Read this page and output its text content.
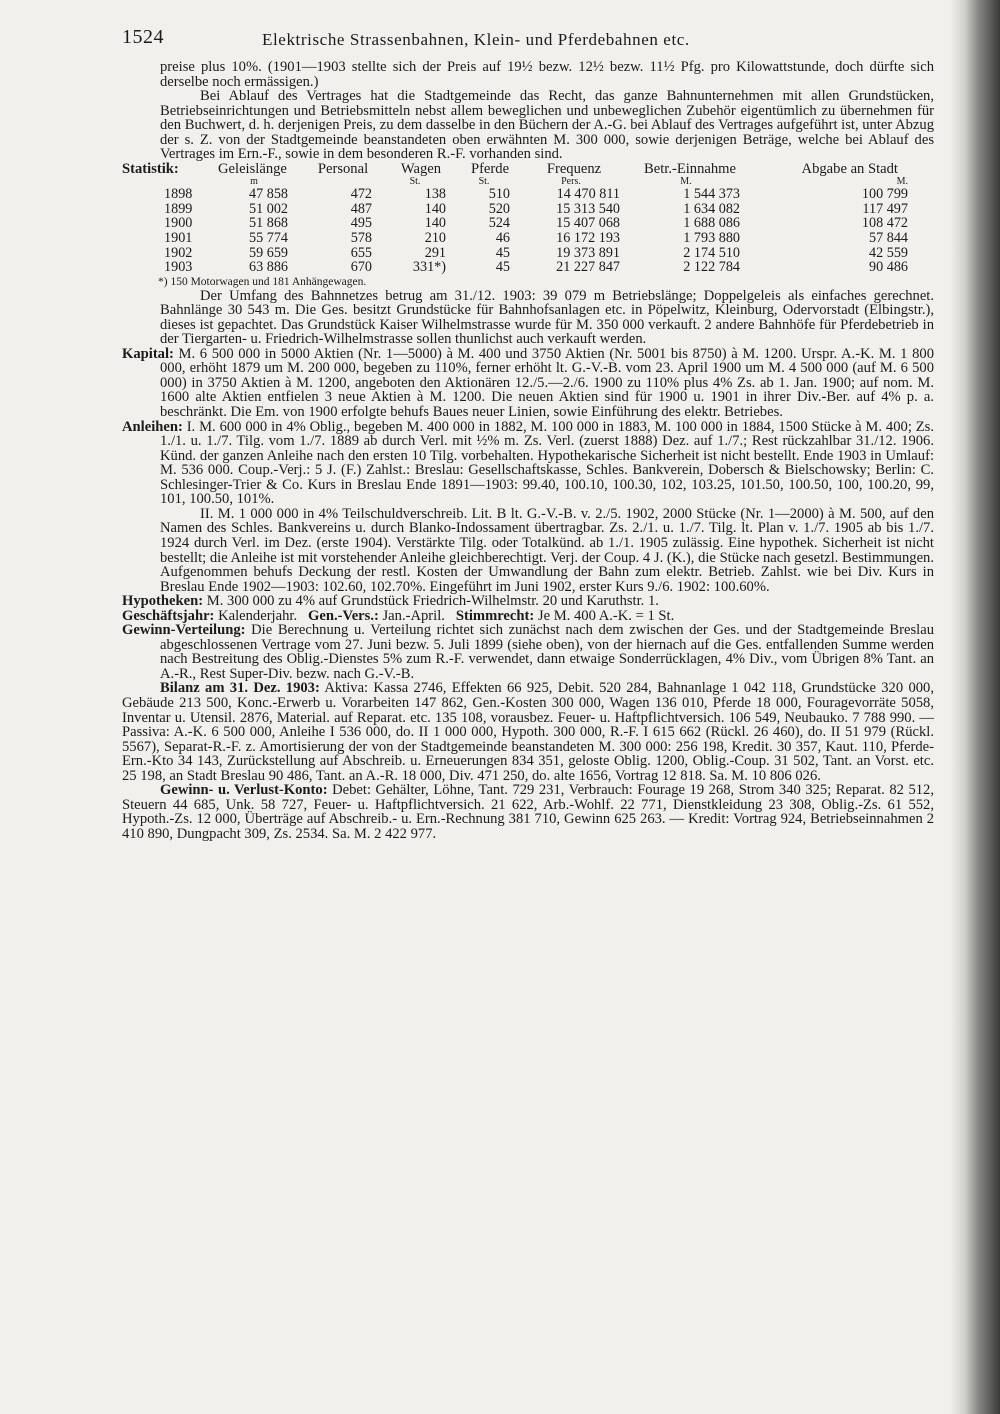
1524	Elektrische Strassenbahnen, Klein- und Pferdebahnen etc.

preise plus 10%. (1901—1903 stellte sich der Preis auf 19½ bezw. 12½ bezw. 11½ Pfg. pro Kilowattstunde, doch dürfte sich derselbe noch ermässigen.)

Bei Ablauf des Vertrages hat die Stadtgemeinde das Recht, das ganze Bahnunternehmen mit allen Grundstücken, Betriebseinrichtungen und Betriebsmitteln nebst allem beweglichen und unbeweglichen Zubehör eigentümlich zu übernehmen für den Buchwert, d. h. derjenigen Preis, zu dem dasselbe in den Büchern der A.-G. bei Ablauf des Vertrages aufgeführt ist, unter Abzug der s. Z. von der Stadtgemeinde beanstandeten oben erwähnten M. 300 000, sowie derjenigen Beträge, welche bei Ablauf des Vertrages im Ern.-F., sowie in dem besonderen R.-F. vorhanden sind.

Statistik:	Geleislänge	Personal	Wagen	Pferde	Frequenz	Betr.-Einnahme	Abgabe an Stadt
	m		St.	St.	Pers.	M.	M.
1898	47 858	472	138	510	14 470 811	1 544 373	100 799
1899	51 002	487	140	520	15 313 540	1 634 082	117 497
1900	51 868	495	140	524	15 407 068	1 688 086	108 472
1901	55 774	578	210	46	16 172 193	1 793 880	57 844
1902	59 659	655	291	45	19 373 891	2 174 510	42 559
1903	63 886	670	331*)	45	21 227 847	2 122 784	90 486
*) 150 Motorwagen und 181 Anhängewagen.

Der Umfang des Bahnnetzes betrug am 31./12. 1903: 39 079 m Betriebslänge; Doppelgeleis als einfaches gerechnet. Bahnlänge 30 543 m. Die Ges. besitzt Grundstücke für Bahnhofsanlagen etc. in Pöpelwitz, Kleinburg, Odervorstadt (Elbingstr.), dieses ist gepachtet. Das Grundstück Kaiser Wilhelmstrasse wurde für M. 350 000 verkauft. 2 andere Bahnhöfe für Pferdebetrieb in der Tiergarten- u. Friedrich-Wilhelmstrasse sollen thunlichst auch verkauft werden.

Kapital: M. 6 500 000 in 5000 Aktien (Nr. 1—5000) à M. 400 und 3750 Aktien (Nr. 5001 bis 8750) à M. 1200. Urspr. A.-K. M. 1 800 000, erhöht 1879 um M. 200 000, begeben zu 110%, ferner erhöht lt. G.-V.-B. vom 23. April 1900 um M. 4 500 000 (auf M. 6 500 000) in 3750 Aktien à M. 1200, angeboten den Aktionären 12./5.—2./6. 1900 zu 110% plus 4% Zs. ab 1. Jan. 1900; auf nom. M. 1600 alte Aktien entfielen 3 neue Aktien à M. 1200. Die neuen Aktien sind für 1900 u. 1901 in ihrer Div.-Ber. auf 4% p. a. beschränkt. Die Em. von 1900 erfolgte behufs Baues neuer Linien, sowie Einführung des elektr. Betriebes.

Anleihen: I. M. 600 000 in 4% Oblig., begeben M. 400 000 in 1882, M. 100 000 in 1883, M. 100 000 in 1884, 1500 Stücke à M. 400; Zs. 1./1. u. 1./7. Tilg. vom 1./7. 1889 ab durch Verl. mit ½% m. Zs. Verl. (zuerst 1888) Dez. auf 1./7.; Rest rückzahlbar 31./12. 1906. Künd. der ganzen Anleihe nach den ersten 10 Tilg. vorbehalten. Hypothekarische Sicherheit ist nicht bestellt. Ende 1903 in Umlauf: M. 536 000. Coup.-Verj.: 5 J. (F.) Zahlst.: Breslau: Gesellschaftskasse, Schles. Bankverein, Dobersch & Bielschowsky; Berlin: C. Schlesinger-Trier & Co. Kurs in Breslau Ende 1891—1903: 99.40, 100.10, 100.30, 102, 103.25, 101.50, 100.50, 100, 100.20, 99, 101, 100.50, 101%.

II. M. 1 000 000 in 4% Teilschuldverschreib. Lit. B lt. G.-V.-B. v. 2./5. 1902, 2000 Stücke (Nr. 1—2000) à M. 500, auf den Namen des Schles. Bankvereins u. durch Blanko-Indossament übertragbar. Zs. 2./1. u. 1./7. Tilg. lt. Plan v. 1./7. 1905 ab bis 1./7. 1924 durch Verl. im Dez. (erste 1904). Verstärkte Tilg. oder Totalkünd. ab 1./1. 1905 zulässig. Eine hypothek. Sicherheit ist nicht bestellt; die Anleihe ist mit vorstehender Anleihe gleichberechtigt. Verj. der Coup. 4 J. (K.), die Stücke nach gesetzl. Bestimmungen. Aufgenommen behufs Deckung der restl. Kosten der Umwandlung der Bahn zum elektr. Betrieb. Zahlst. wie bei Div. Kurs in Breslau Ende 1902—1903: 102.60, 102.70%. Eingeführt im Juni 1902, erster Kurs 9./6. 1902: 100.60%.

Hypotheken: M. 300 000 zu 4% auf Grundstück Friedrich-Wilhelmstr. 20 und Karuthstr. 1.

Geschäftsjahr: Kalenderjahr. Gen.-Vers.: Jan.-April. Stimmrecht: Je M. 400 A.-K. = 1 St.

Gewinn-Verteilung: Die Berechnung u. Verteilung richtet sich zunächst nach dem zwischen der Ges. und der Stadtgemeinde Breslau abgeschlossenen Vertrage vom 27. Juni bezw. 5. Juli 1899 (siehe oben), von der hiernach auf die Ges. entfallenden Summe werden nach Bestreitung des Oblig.-Dienstes 5% zum R.-F. verwendet, dann etwaige Sonderrücklagen, 4% Div., vom Übrigen 8% Tant. an A.-R., Rest Super-Div. bezw. nach G.-V.-B.

Bilanz am 31. Dez. 1903: Aktiva: Kassa 2746, Effekten 66 925, Debit. 520 284, Bahnanlage 1 042 118, Grundstücke 320 000, Gebäude 213 500, Konc.-Erwerb u. Vorarbeiten 147 862, Gen.-Kosten 300 000, Wagen 136 010, Pferde 18 000, Fouragevorräte 5058, Inventar u. Utensil. 2876, Material. auf Reparat. etc. 135 108, vorausbez. Feuer- u. Haftpflichtversich. 106 549, Neubauko. 7 788 990. — Passiva: A.-K. 6 500 000, Anleihe I 536 000, do. II 1 000 000, Hypoth. 300 000, R.-F. I 615 662 (Rückl. 26 460), do. II 51 979 (Rückl. 5567), Separat-R.-F. z. Amortisierung der von der Stadtgemeinde beanstandeten M. 300 000: 256 198, Kredit. 30 357, Kaut. 110, Pferde-Ern.-Kto 34 143, Zurückstellung auf Abschreib. u. Erneuerungen 834 351, geloste Oblig. 1200, Oblig.-Coup. 31 502, Tant. an Vorst. etc. 25 198, an Stadt Breslau 90 486, Tant. an A.-R. 18 000, Div. 471 250, do. alte 1656, Vortrag 12 818. Sa. M. 10 806 026.

Gewinn- u. Verlust-Konto: Debet: Gehälter, Löhne, Tant. 729 231, Verbrauch: Fourage 19 268, Strom 340 325; Reparat. 82 512, Steuern 44 685, Unk. 58 727, Feuer- u. Haftpflichtversich. 21 622, Arb.-Wohlf. 22 771, Dienstkleidung 23 308, Oblig.-Zs. 61 552, Hypoth.-Zs. 12 000, Überträge auf Abschreib.- u. Ern.-Rechnung 381 710, Gewinn 625 263. — Kredit: Vortrag 924, Betriebseinnahmen 2 410 890, Dungpacht 309, Zs. 2534. Sa. M. 2 422 977.
